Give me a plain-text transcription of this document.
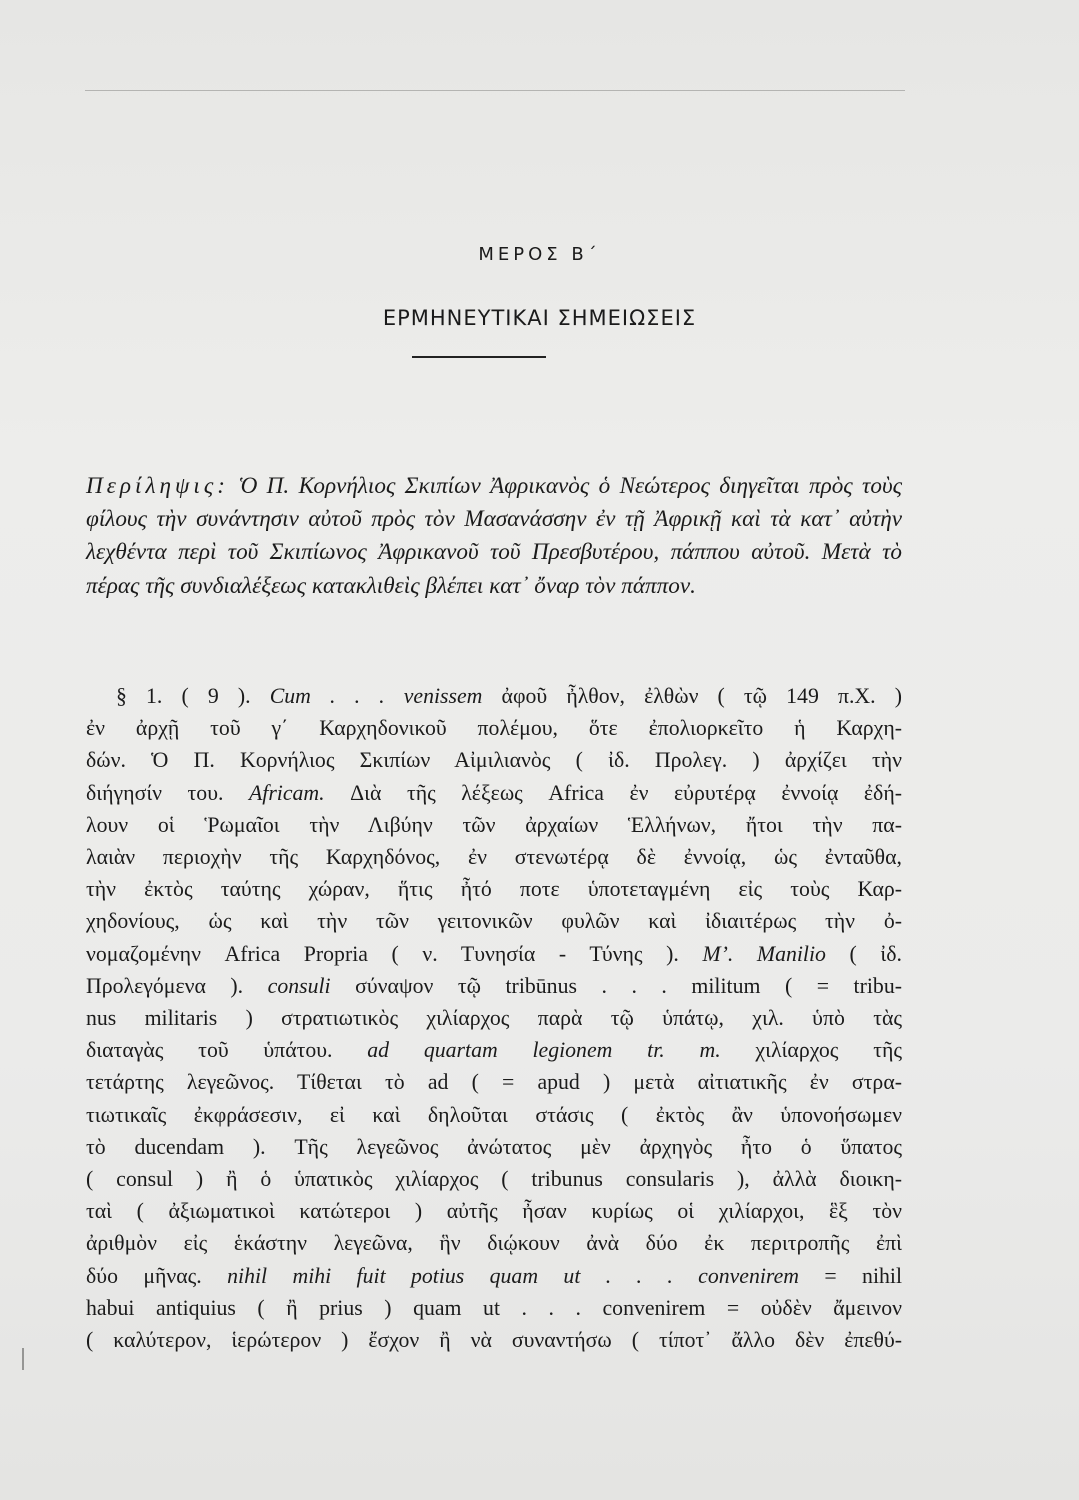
ΜΕΡΟΣ Β΄
ΕΡΜΗΝΕΥΤΙΚΑΙ ΣΗΜΕΙΩΣΕΙΣ
Περίληψις: Ὁ Π. Κορνήλιος Σκιπίων Ἀφρικανὸς ὁ Νεώτερος διηγεῖται πρὸς τοὺς φίλους τὴν συνάντησιν αὐτοῦ πρὸς τὸν Μασανάσσην ἐν τῇ Ἀφρικῇ καὶ τὰ κατ᾽ αὐτὴν λεχθέντα περὶ τοῦ Σκιπίωνος Ἀφρικανοῦ τοῦ Πρεσβυτέρου, πάππου αὐτοῦ. Μετὰ τὸ πέρας τῆς συνδιαλέξεως κατακλιθεὶς βλέπει κατ᾽ ὄναρ τὸν πάππον.
§ 1. ( 9 ). Cum . . . venissem ἀφοῦ ἦλθον, ἐλθὼν ( τῷ 149 π.Χ. )
ἐν ἀρχῇ τοῦ γ΄ Καρχηδονικοῦ πολέμου, ὅτε ἐπολιορκεῖτο ἡ Καρχη-
δών. Ὁ Π. Κορνήλιος Σκιπίων Αἰμιλιανὸς ( ἰδ. Προλεγ. ) ἀρχίζει τὴν
διήγησίν του. Africam. Διὰ τῆς λέξεως Africa ἐν εὐρυτέρᾳ ἐννοίᾳ ἐδή-
λουν οἱ Ῥωμαῖοι τὴν Λιβύην τῶν ἀρχαίων Ἑλλήνων, ἤτοι τὴν πα-
λαιὰν περιοχὴν τῆς Καρχηδόνος, ἐν στενωτέρᾳ δὲ ἐννοίᾳ, ὡς ἐνταῦθα,
τὴν ἐκτὸς ταύτης χώραν, ἥτις ἦτό ποτε ὑποτεταγμένη εἰς τοὺς Καρ-
χηδονίους, ὡς καὶ τὴν τῶν γειτονικῶν φυλῶν καὶ ἰδιαιτέρως τὴν ὀ-
νομαζομένην Africa Propria ( ν. Τυνησία - Τύνης ). M’. Manilio ( ἰδ.
Προλεγόμενα ). consuli σύναψον τῷ tribūnus . . . militum ( = tribu-
nus militaris ) στρατιωτικὸς χιλίαρχος παρὰ τῷ ὑπάτῳ, χιλ. ὑπὸ τὰς
διαταγὰς τοῦ ὑπάτου. ad quartam legionem tr. m. χιλίαρχος τῆς
τετάρτης λεγεῶνος. Τίθεται τὸ ad ( = apud ) μετὰ αἰτιατικῆς ἐν στρα-
τιωτικαῖς ἐκφράσεσιν, εἰ καὶ δηλοῦται στάσις ( ἐκτὸς ἂν ὑπονοήσωμεν
τὸ ducendam ). Τῆς λεγεῶνος ἀνώτατος μὲν ἀρχηγὸς ἦτο ὁ ὕπατος
( consul ) ἢ ὁ ὑπατικὸς χιλίαρχος ( tribunus consularis ), ἀλλὰ διοικη-
ταὶ ( ἀξιωματικοὶ κατώτεροι ) αὐτῆς ἦσαν κυρίως οἱ χιλίαρχοι, ἓξ τὸν
ἀριθμὸν εἰς ἑκάστην λεγεῶνα, ἣν διῴκουν ἀνὰ δύο ἐκ περιτροπῆς ἐπὶ
δύο μῆνας. nihil mihi fuit potius quam ut . . . convenirem = nihil
habui antiquius ( ἢ prius ) quam ut . . . convenirem = οὐδὲν ἄμεινον
( καλύτερον, ἱερώτερον ) ἔσχον ἢ νὰ συναντήσω ( τίποτ᾽ ἄλλο δὲν ἐπεθύ-
